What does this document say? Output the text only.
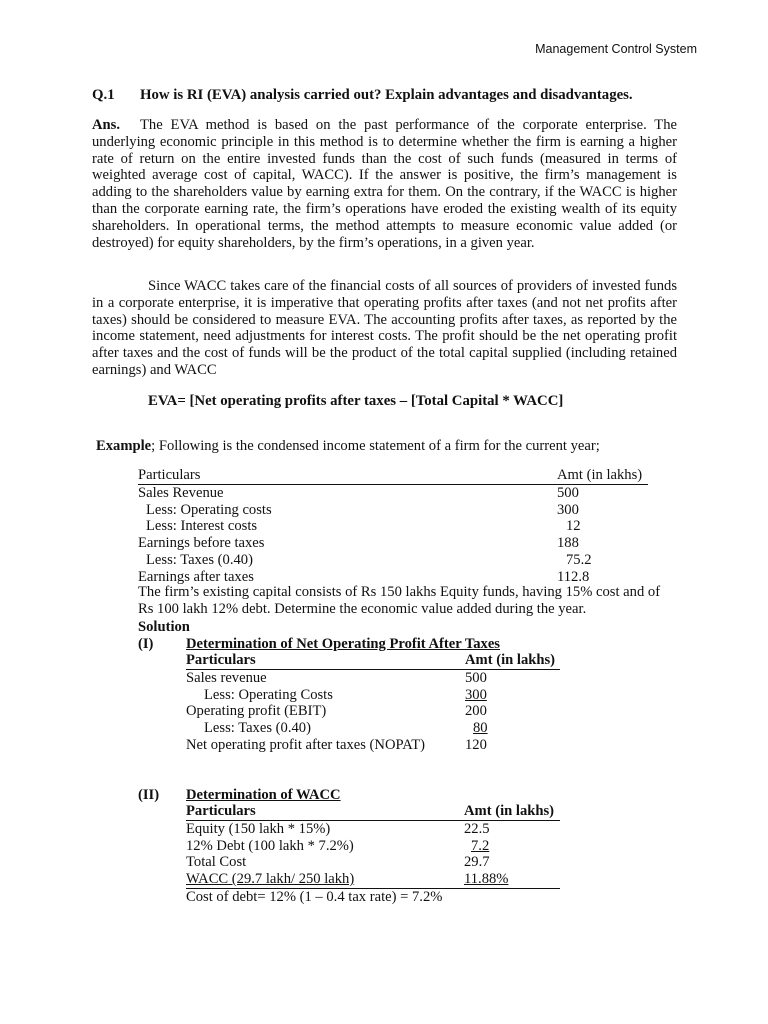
Management Control System
Q.1 How is RI (EVA) analysis carried out? Explain advantages and disadvantages.
Ans. The EVA method is based on the past performance of the corporate enterprise. The underlying economic principle in this method is to determine whether the firm is earning a higher rate of return on the entire invested funds than the cost of such funds (measured in terms of weighted average cost of capital, WACC). If the answer is positive, the firm’s management is adding to the shareholders value by earning extra for them. On the contrary, if the WACC is higher than the corporate earning rate, the firm’s operations have eroded the existing wealth of its equity shareholders. In operational terms, the method attempts to measure economic value added (or destroyed) for equity shareholders, by the firm’s operations, in a given year.
Since WACC takes care of the financial costs of all sources of providers of invested funds in a corporate enterprise, it is imperative that operating profits after taxes (and not net profits after taxes) should be considered to measure EVA. The accounting profits after taxes, as reported by the income statement, need adjustments for interest costs. The profit should be the net operating profit after taxes and the cost of funds will be the product of the total capital supplied (including retained earnings) and WACC
EVA= [Net operating profits after taxes – [Total Capital * WACC]
Example; Following is the condensed income statement of a firm for the current year;
Particulars	Amt (in lakhs)
Sales Revenue	500
Less: Operating costs	300
Less: Interest costs	12
Earnings before taxes	188
Less: Taxes (0.40)	75.2
Earnings after taxes	112.8
The firm’s existing capital consists of Rs 150 lakhs Equity funds, having 15% cost and of Rs 100 lakh 12% debt. Determine the economic value added during the year.
Solution
(I) Determination of Net Operating Profit After Taxes
Particulars	Amt (in lakhs)
Sales revenue	500
Less: Operating Costs	300
Operating profit (EBIT)	200
Less: Taxes (0.40)	80
Net operating profit after taxes (NOPAT)	120
(II) Determination of WACC
Particulars	Amt (in lakhs)
Equity (150 lakh * 15%)	22.5
12% Debt (100 lakh * 7.2%)	7.2
Total Cost	29.7
WACC (29.7 lakh/ 250 lakh)	11.88%
Cost of debt= 12% (1 – 0.4 tax rate) = 7.2%
